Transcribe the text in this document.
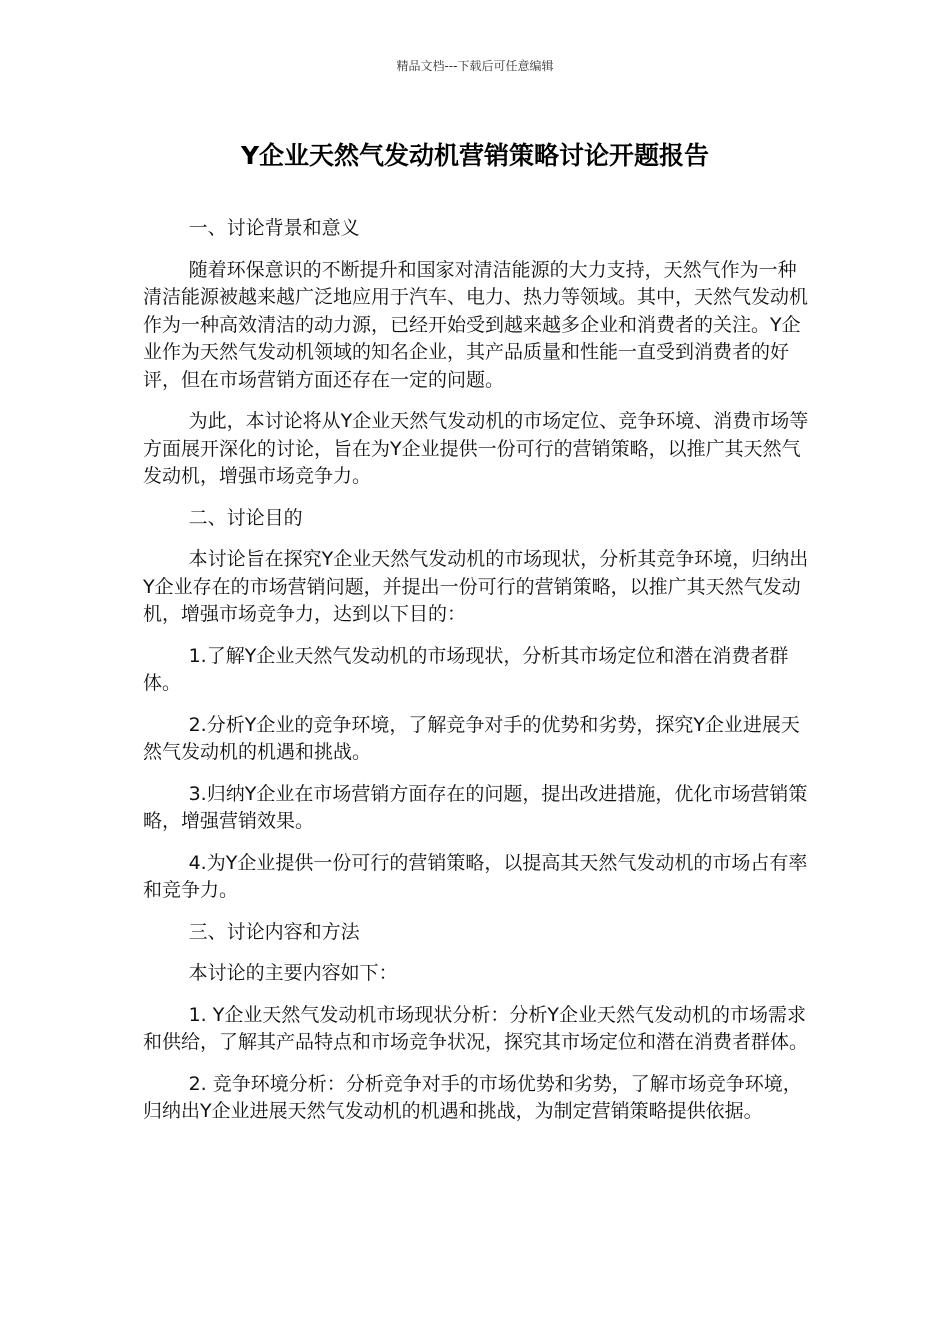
精品文档---下载后可任意编辑
Y企业天然气发动机营销策略讨论开题报告

一、讨论背景和意义

随着环保意识的不断提升和国家对清洁能源的大力支持，天然气作为一种清洁能源被越来越广泛地应用于汽车、电力、热力等领域。其中，天然气发动机作为一种高效清洁的动力源，已经开始受到越来越多企业和消费者的关注。Y企业作为天然气发动机领域的知名企业，其产品质量和性能一直受到消费者的好评，但在市场营销方面还存在一定的问题。

为此，本讨论将从Y企业天然气发动机的市场定位、竞争环境、消费市场等方面展开深化的讨论，旨在为Y企业提供一份可行的营销策略，以推广其天然气发动机，增强市场竞争力。

二、讨论目的

本讨论旨在探究Y企业天然气发动机的市场现状，分析其竞争环境，归纳出Y企业存在的市场营销问题，并提出一份可行的营销策略，以推广其天然气发动机，增强市场竞争力，达到以下目的：

1.了解Y企业天然气发动机的市场现状，分析其市场定位和潜在消费者群体。

2.分析Y企业的竞争环境，了解竞争对手的优势和劣势，探究Y企业进展天然气发动机的机遇和挑战。

3.归纳Y企业在市场营销方面存在的问题，提出改进措施，优化市场营销策略，增强营销效果。

4.为Y企业提供一份可行的营销策略，以提高其天然气发动机的市场占有率和竞争力。

三、讨论内容和方法

本讨论的主要内容如下：

1. Y企业天然气发动机市场现状分析：分析Y企业天然气发动机的市场需求和供给，了解其产品特点和市场竞争状况，探究其市场定位和潜在消费者群体。

2. 竞争环境分析：分析竞争对手的市场优势和劣势，了解市场竞争环境，归纳出Y企业进展天然气发动机的机遇和挑战，为制定营销策略提供依据。
